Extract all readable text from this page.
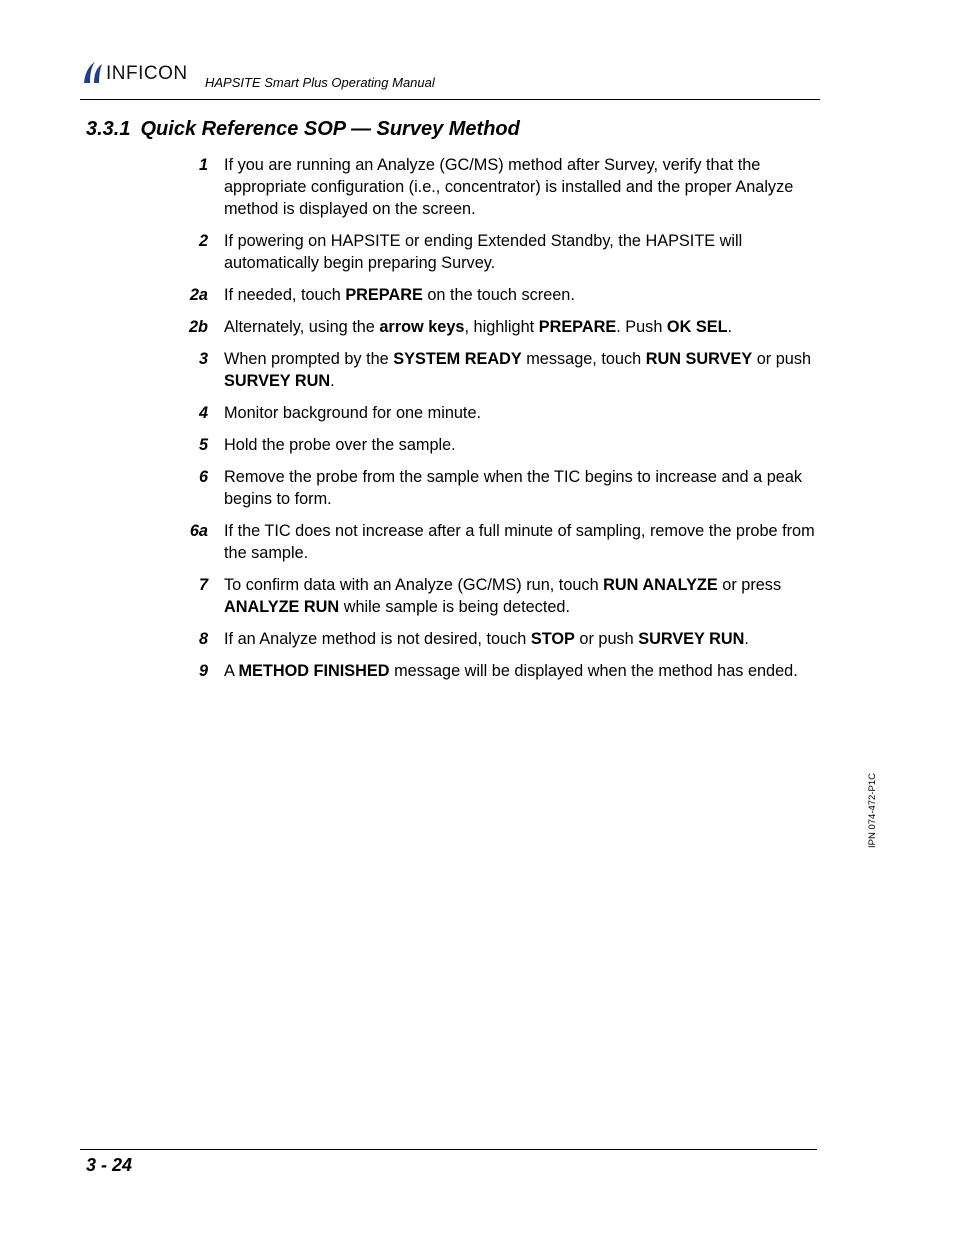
INFICON HAPSITE Smart Plus Operating Manual
3.3.1 Quick Reference SOP — Survey Method
1 If you are running an Analyze (GC/MS) method after Survey, verify that the appropriate configuration (i.e., concentrator) is installed and the proper Analyze method is displayed on the screen.
2 If powering on HAPSITE or ending Extended Standby, the HAPSITE will automatically begin preparing Survey.
2a If needed, touch PREPARE on the touch screen.
2b Alternately, using the arrow keys, highlight PREPARE. Push OK SEL.
3 When prompted by the SYSTEM READY message, touch RUN SURVEY or push SURVEY RUN.
4 Monitor background for one minute.
5 Hold the probe over the sample.
6 Remove the probe from the sample when the TIC begins to increase and a peak begins to form.
6a If the TIC does not increase after a full minute of sampling, remove the probe from the sample.
7 To confirm data with an Analyze (GC/MS) run, touch RUN ANALYZE or press ANALYZE RUN while sample is being detected.
8 If an Analyze method is not desired, touch STOP or push SURVEY RUN.
9 A METHOD FINISHED message will be displayed when the method has ended.
IPN 074-472-P1C
3 - 24
